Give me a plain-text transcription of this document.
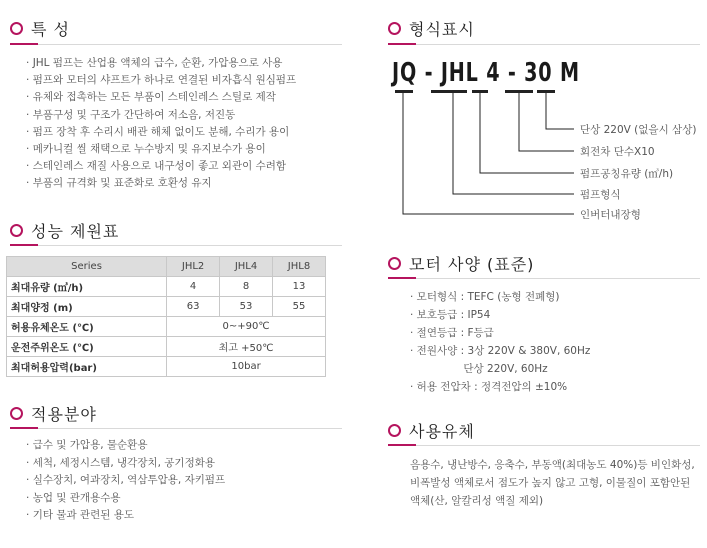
특 성
· JHL 펌프는 산업용 액체의 급수, 순환, 가압용으로 사용
· 펌프와 모터의 샤프트가 하나로 연결된 비자흡식 원심펌프
· 유체와 접촉하는 모든 부품이 스테인레스 스틸로 제작
· 부품구성 및 구조가 간단하여 저소음, 저진동
· 펌프 장착 후 수리시 배관 해체 없이도 분해, 수리가 용이
· 메카니컬 씰 채택으로 누수방지 및 유지보수가 용이
· 스테인레스 재질 사용으로 내구성이 좋고 외관이 수려함
· 부품의 규격화 및 표준화로 호환성 유지
성능 제원표
Series	JHL2	JHL4	JHL8
최대유량 (㎥/h)	4	8	13
최대양정 (m)	63	53	55
허용유체온도 (℃)	0~+90℃		
운전주위온도 (℃)	최고 +50℃		
최대허용압력(bar)	10bar		
적용분야
· 급수 및 가압용, 물순환용
· 세척, 세정시스템, 냉각장치, 공기정화용
· 실수장치, 여과장치, 역삼투압용, 자키펌프
· 농업 및 관개용수용
· 기타 물과 관련된 용도
형식표시
JQ - JHL 4 - 30 M
단상 220V (없을시 삼상)
회전차 단수X10
펌프공칭유량 (㎥/h)
펌프형식
인버터내장형
모터 사양 (표준)
· 모터형식 : TEFC (농형 전폐형)
· 보호등급 : IP54
· 절연등급 : F등급
· 전원사양 : 3상 220V & 380V, 60Hz

단상 220V, 60Hz
· 허용 전압차 : 정격전압의 ±10%
사용유체
음용수, 냉난방수, 응축수, 부동액(최대농도 40%)등 비인화성, 비폭발성 액체로서 점도가 높지 않고 고형, 이물질이 포함안된 액체(산, 알칼리성 액질 제외)
